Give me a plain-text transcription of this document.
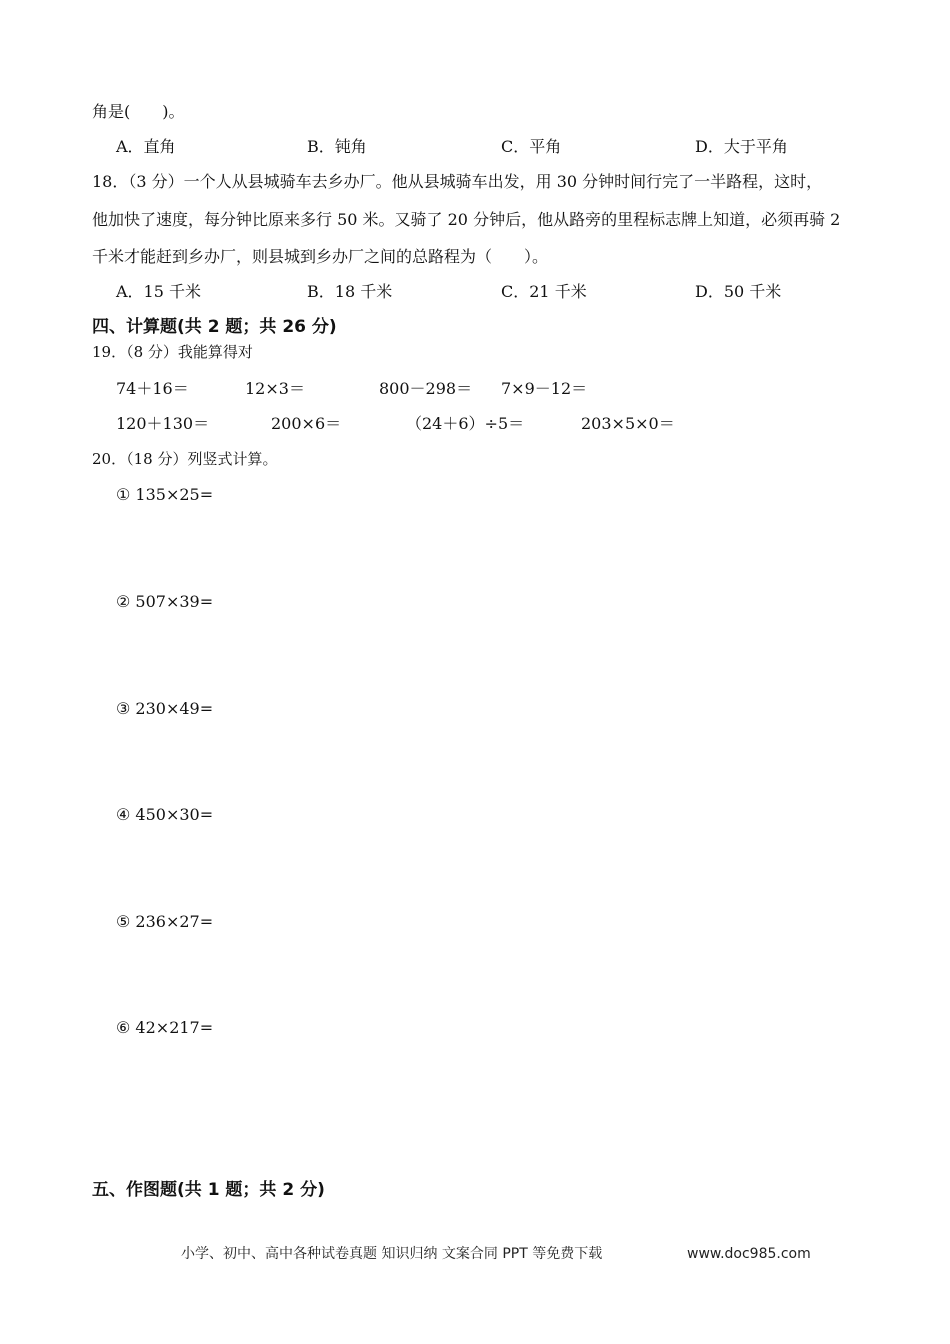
角是(　　)。
A．直角	B．钝角	C．平角	D．大于平角
18．（3 分）一个人从县城骑车去乡办厂。他从县城骑车出发，用 30 分钟时间行完了一半路程，这时，
他加快了速度，每分钟比原来多行 50 米。又骑了 20 分钟后，他从路旁的里程标志牌上知道，必须再骑 2
千米才能赶到乡办厂，则县城到乡办厂之间的总路程为（　　）。
A．15 千米	B．18 千米	C．21 千米	D．50 千米
四、计算题(共 2 题；共 26 分)
19．（8 分）我能算得对
74＋16＝	12×3＝	800－298＝ 7×9－12＝
120＋130＝	200×6＝	（24＋6）÷5＝	203×5×0＝
20．（18 分）列竖式计算。
① 135×25=
② 507×39=
③ 230×49=
④ 450×30=
⑤ 236×27=
⑥ 42×217=
五、作图题(共 1 题；共 2 分)
小学、初中、高中各种试卷真题 知识归纳 文案合同 PPT 等免费下载	www.doc985.com
